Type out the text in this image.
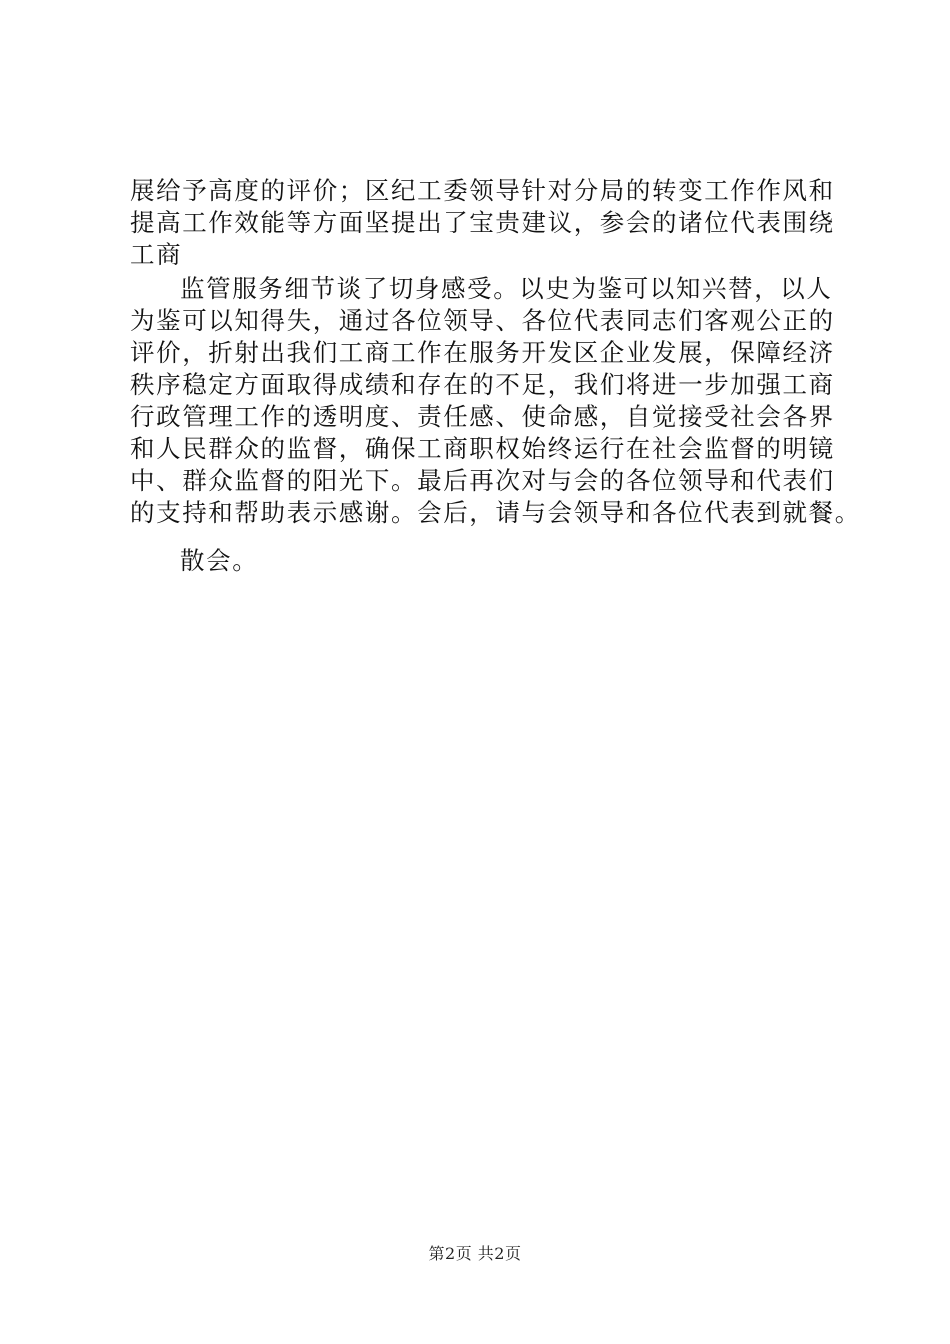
展给予高度的评价；区纪工委领导针对分局的转变工作作风和
提高工作效能等方面坚提出了宝贵建议，参会的诸位代表围绕
工商
监管服务细节谈了切身感受。以史为鉴可以知兴替，以人
为鉴可以知得失，通过各位领导、各位代表同志们客观公正的
评价，折射出我们工商工作在服务开发区企业发展，保障经济
秩序稳定方面取得成绩和存在的不足，我们将进一步加强工商
行政管理工作的透明度、责任感、使命感，自觉接受社会各界
和人民群众的监督，确保工商职权始终运行在社会监督的明镜
中、群众监督的阳光下。最后再次对与会的各位领导和代表们
的支持和帮助表示感谢。会后，请与会领导和各位代表到就餐。
散会。
第2页 共2页
